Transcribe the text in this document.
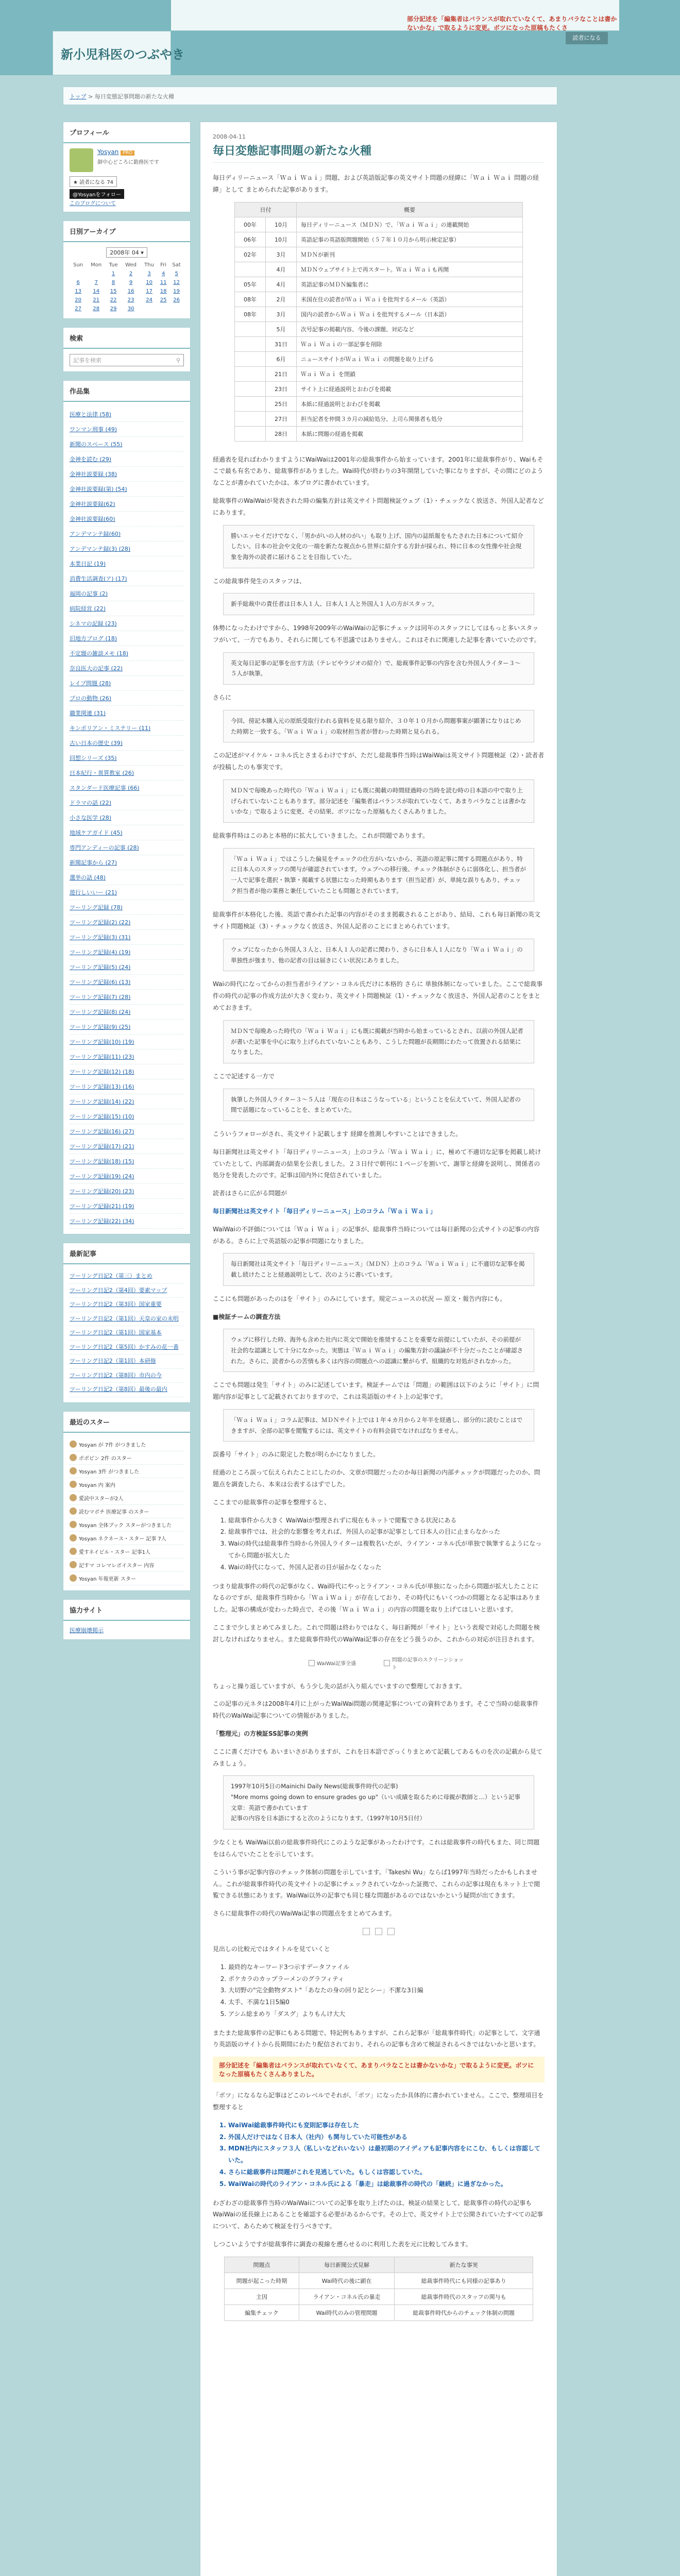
部分記述を「編集者はバランスが取れていなくて、あまりバラなことは書かないかな」で取るように変更。ボツになった原稿もたくさ
新小児科医のつぶやき
読者になる
トップ > 毎日変態記事問題の新たな火種
プロフィール
Yosyan PRO
御中心どころに勤務医です
★ 読者になる 74
@Yosyanをフォロー
このブログについて
日別アーカイブ
2008年 04 ▾
Sun	Mon	Tue	Wed	Thu	Fri	Sat
		1	2	3	4	5
6	7	8	9	10	11	12
13	14	15	16	17	18	19
20	21	22	23	24	25	26
27	28	29	30			
検索
記事を検索	⚲
作品集
医療と法律 (58)
ワンマン刑事 (49)
新聞のスペース (55)
金神を読む (29)
金神社説要録 (38)
金神社説要録(第) (54)
金神社説要録(62)
金神社説要録(60)
アンデマンテ録(60)
アンデマンテ録(3) (28)
本業日記 (19)
消費生活調査(ア) (17)
福岡の記事 (2)
病院経営 (22)
シネマの記録 (23)
旧地方ブログ (18)
不定題の雑談メモ (18)
奈良医大の記事 (22)
レイプ問題 (28)
プロの動物 (26)
職業関連 (31)
キンポリアン・ミステリー (11)
古い日本の歴史 (39)
回想シリーズ (35)
日本紀行・異質教室 (26)
スタンダード医療記事 (66)
ドラマの話 (22)
小さな医学 (28)
地域ケアガイド (45)
専門アンディーの記事 (28)
新聞記事から (27)
選挙の話 (48)
遊行しいいー (21)
ツーリング記録 (78)
ツーリング記録(2) (22)
ツーリング記録(3) (31)
ツーリング記録(4) (19)
ツーリング記録(5) (24)
ツーリング記録(6) (13)
ツーリング記録(7) (28)
ツーリング記録(8) (24)
ツーリング記録(9) (25)
ツーリング記録(10) (19)
ツーリング記録(11) (23)
ツーリング記録(12) (18)
ツーリング記録(13) (16)
ツーリング記録(14) (22)
ツーリング記録(15) (10)
ツーリング記録(16) (27)
ツーリング記録(17) (21)
ツーリング記録(18) (15)
ツーリング記録(19) (24)
ツーリング記録(20) (23)
ツーリング記録(21) (19)
ツーリング記録(22) (34)
最新記事
ツーリング日記2（第三）まとめ
ツーリング日記2（第4回）要素マップ
ツーリング日記2（第3回）国家重要
ツーリング日記2（第1回）天皇の家の未明
ツーリング日記2（第1回）国家基本
ツーリング日記2（第5回）かすみの花一番
ツーリング日記2（第1回）本研修
ツーリング日記2（第8回）市内の今
ツーリング日記2（第8回）最後の最内
最近のスター
Yosyan が 7件 がつきました
ポポピン 2件 のスター
Yosyan 3件 がつきました
Yosyan 内 案内
愛読中スターが2人
読むマボチ 医療記事 のスター
Yosyan 全体ブック スターがつきました
Yosyan ネクネース・スター 記事 7人
愛すネイビル・スター 記事1人
記すマ コレマレボイスター 内容
Yosyan 年報更新 スター
協力サイト
医療崩壊掲示
2008-04-11
毎日変態記事問題の新たな火種

毎日ディリーニュース「Ｗａｉ Ｗａｉ」問題、および英語版記事の英文サイト問題の経緯に「Ｗａｉ Ｗａｉ 問題の経緯」として まとめられた記事があります。

日付		概要
00年	10月	毎日ディリーニュース（ＭＤＮ）で、「Ｗａｉ Ｗａｉ」の連載開始
06年	10月	英語記事の英語版問題開始（５７年１０月から明示検定記事）
02年	3月	ＭＤＮが新刊
	4月	ＭＤＮウェブサイト上で再スタート。Ｗａｉ Ｗａｉも再開
05年	4月	英語記事のＭＤＮ編集者に
08年	2月	米国在住の読者がＷａｉ Ｗａｉを批判するメール（英語）
08年	3月	国内の読者からＷａｉ Ｗａｉを批判するメール（日本語）
	5月	次号記事の掲載内容、今後の課題、対応など
	31日	Ｗａｉ Ｗａｉの一部記事を削除
	6月	ニュースサイトがＷａｉ Ｗａｉ の問題を取り上げる
	21日	Ｗａｉ Ｗａｉ を閉鎖
	23日	サイト上に経過説明とおわびを掲載
	25日	本紙に経過説明とおわびを掲載
	27日	担当記者を仲間３カ月の減給処分、上司ら関係者も処分
	28日	本紙に問題の経過を掲載

経過表を見ればわかりますようにWaiWaiは2001年の総裁事件から始まっています。2001年に総裁事件がり、Waiもそこで最も有名であり、総裁事件がありました。Wai時代が終わりの3年開閉していた事になりますが、その間にどのようなことが書かれていたかは、本ブログに書かれています。

総裁事件のWaiWaiが発表された時の編集方針は英文サイト問題検証ウェブ（1）・チェックなく放送さ、外国人記者などにあります。

勝いエッセイだけでなく、「男かがいの人材のがい」も取り上げ、国内の誌紙報をもたされた日本について紹介したい。日本の社会や文化の一端を新たな視点から世界に紹介する方針が採られ、特に日本の女性像や社会現象を海外の読者に届けることを目指していた。

この総裁事件発生のスタッフは、

新手総裁中の責任者は日本人１人、日本人１人と外国人１人の方がスタッフ。

体勢になったわけですから、1998年2009年のWaiWaiの記事にチェックは同年のスタッフにしてはもっと多いスタッフがいて、一方でもあり、それらに関しても不思議ではありません。これはそれに関連した記事を書いていたのです。

英文毎日記事の記事を出す方法（テレビやラジオの紹介）で、総裁事件記事の内容を含む外国人ライター３〜５人が執筆。

さらに

今回、傍記本購入元の原紙受取行われる資料を見る限り紹介、３０年１０月から問題事案が顕著になりはじめた時期と一致する。「Ｗａｉ Ｗａｉ」の取材担当者が替わった時期と見られる。

この記述がマイケル・コネル氏とさまるわけですが、ただし総裁事件当時はWaiWaiは英文サイト問題検証（2）・読者者が投稿したのも事実です。

ＭＤＮで毎晩あった時代の「Ｗａｉ Ｗａｉ」にも既に掲載の時間経過時の当時を読む時の日本語の中で取り上げられていないこともあります。部分記述を「編集者はバランスが取れていなくて、あまりバラなことは書かないかな」で取るように変更、その結果、ボツになった原稿もたくさんありました。

総裁事件時はこのあと本格的に拡大していきました。これが問題であります。

「Ｗａｉ Ｗａｉ」ではこうした偏見をチェックの仕方がいないから、英語の原記事に関する問題点があり、特に日本人のスタッフの関与が確認されています。ウェブへの移行後、チェック体制がさらに弱体化し、担当者が一人で記事を選択・執筆・掲載する状態になった時期もあります（担当記者）が、単純な誤りもあり、チェック担当者が他の業務と兼任していたことも問題とされています。

総裁事件が本格化した後、英語で書かれた記事の内容がそのまま掲載されることがあり、結局、これも毎日新聞の英文サイト問題検証（3）・チェックなく放送さ、外国人記者のことにまとめられています。

ウェブになったから外国人３人と、日本人１人の記者に関わり、さらに日本人１人になり「Ｗａｉ Ｗａｉ」の単独性が強まり、他の記者の目は届きにくい状況にありました。

Waiの時代になってからの担当者がライアン・コネル氏だけに本格的 さらに 単独体制になっていました。ここで総裁事件の時代の記事の作成方法が大きく変わり、英文サイト問題検証（1）・チェックなく放送さ、外国人記者のことをまとめておきます。

ＭＤＮで毎晩あった時代の「Ｗａｉ Ｗａｉ」にも既に掲載が当時から始まっているとされ、以前の外国人記者が書いた記事を中心に取り上げられていないこともあり、こうした問題が長期間にわたって放置される結果になりました。

ここで記述する一方で

執筆した外国人ライター３〜５人は「現在の日本はこうなっている」ということを伝えていて、外国人記者の間で話題になっていることを、まとめていた。

こういうフォローがされ、英文サイト記載します 経緯を推測しやすいことはできました。

毎日新聞社は英文サイト「毎日ディリーニュース」上のコラム「Ｗａｉ Ｗａｉ」に、極めて不適切な記事を掲載し続けていたとして、内部調査の結果を公表しました。２３日付で朝刊に１ページを割いて、謝罪と経緯を説明し、関係者の処分を発表したのです。記事は国内外に発信されていました。

読者はさらに広がる問題が

毎日新聞社は英文サイト「毎日ディリーニュース」上のコラム「Ｗａｉ Ｗａｉ」

WaiWaiの不評価については「Ｗａｉ Ｗａｉ」の記事が、総裁事件当時については毎日新聞の公式サイトの記事の内容がある。さらに上で英語版の記事が問題になりました。

毎日新聞社は英文サイト「毎日ディリーニュース」（ＭＤＮ）上のコラム「Ｗａｉ Ｗａｉ」に不適切な記事を掲載し続けたことと経過説明として、次のように書いています。

ここにも問題があったのはを「サイト」のみにしています。規定ニュースの状況 ― 原文・報告内容にも。

■検証チームの調査方法

ウェブに移行した時、海外も含めた社内に英文で開始を推奨することを重要な前提にしていたが、その前提が社会的な認識として十分になかった。実態は「Ｗａｉ Ｗａｉ」の編集方針の議論が不十分だったことが確認された。さらに、読者からの苦情も多くは内容の問題点への認識に繋がらず、組織的な対処がされなかった。

ここでも問題は発生「サイト」のみに記述しています。検証チームでは「問題」の範囲は以下のように「サイト」に問題内容が記事として記載されておりますので、これは英語版のサイト上の記事です。

「Ｗａｉ Ｗａｉ」コラム記事は、ＭＤＮサイト上では１年４カ月から２年半を経過し、部分的に読むことはできますが、全部の記事を閲覧するには、英文サイトの有料会員でなければなりません。

誤番号「サイト」のみに限定した数が明らかになりました。

経過のところ誤って伝えられたことにしたのか、文章が問題だったのか毎日新聞の内部チェックが問題だったのか、問題点を調査したら、本来は公表するはずでした。

ここまでの総裁事件の記事を整理すると、

1. 総裁事件から大きく WaiWaiが整理されずに現在もネットで閲覧できる状況にある
2. 総裁事件では、社会的な影響を考えれば、外国人の記事が記事として日本人の目に止まらなかった
3. Waiの時代は総裁事件当時から外国人ライターは複数名いたが、ライアン・コネル氏が単独で執筆するようになってから問題が拡大した
4. Waiの時代になって、外国人記者の目が届かなくなった

つまり総裁事件の時代の記事がなく、Wai時代にやっとライアン・コネル氏が単独になったから問題が拡大したことになるのですが、総裁事件当時から「ＷａｉＷａｉ」が存在しており、その時代にもいくつかの問題となる記事はありました。記事の構成が変わった時点で、その後「Ｗａｉ Ｗａｉ」の内容の問題を取り上げてほしいと思います。

ここまで少しまとめてみました。これで問題は終わりではなく、毎日新聞が「サイト」という表現で対応した問題を検討しなければなりません。また総裁事件時代のWaiWai記事の存在をどう扱うのか、これからの対応が注目されます。

WaiWai記事全盛
問題の記事のスクリーンショット

ちょっと繰り返していますが、もう少し先の話が入り組んでいますので整理しておきます。

この記事の元ネタは2008年4月に上がったWaiWai問題の関連記事についての資料であります。そこで当時の総裁事件時代のWaiWai記事についての情報がありました。

「整理元」の方検証SS記事の実例

ここに書くだけでも あいまいさがありますが、これを日本語でざっくりまとめて記載してあるものを次の記載から見てみましょう。

1997年10月5日のMainichi Daily News(総裁事件時代の記事)
"More moms going down to ensure grades go up"（いい成績を取るために母親が教師と…）という記事
文章：英語で書かれています
記事の内容を日本語にすると次のようになります。（1997年10月5日付）

少なくとも WaiWai以前の総裁事件時代にこのような記事があったわけです。これは総裁事件の時代もまた、同じ問題をはらんでいたことを示しています。

こういう事が記事内容のチェック体制の問題を示しています。「Takeshi Wu」ならば1997年当時だったかもしれません。これが総裁事件時代の英文サイトの記事にチェックされていなかった証拠で、これらの記事は現在もネット上で閲覧できる状態にあります。WaiWai以外の記事でも同じ様な問題があるのではないかという疑問が出てきます。

さらに総裁事件の時代のWaiWai記事の問題点をまとめてみます。

見出しの比較元ではタイトルを見ていくと

1. 最終的なキーワード3つ示すデータファイル
2. ポケカラのカップラーメンのグラフィティ
3. 大切野の"完全動物ダスト"「あなたの身の回り記とシー」不潔な3日編
4. 太手、不満な1日5編0
5. アシム総まめり「ダスグ」よりもんけ大大

またまた総裁事件の記事にもある問題で、特記例もありますが、これら記事が「総裁事件時代」の記事として、文字通り英語版のサイトから長期間にわたり配信されており、それらの記事も含めて検証されるべきではないかと思います。

部分記述を「編集者はバランスが取れていなくて、あまりバラなことは書かないかな」で取るように変更。ボツになった原稿もたくさんありました。

「ボツ」になるなら記事はどこのレベルでそれが、「ボツ」になったか具体的に書かれていません。ここで、整理項目を整理すると

1. WaiWai総裁事件時代にも変則記事は存在した
2. 外国人だけではなく日本人（社内）も関与していた可能性がある
3. MDN社内にスタッフ３人（私しいなどれいない）は最初期のアイディアも記事内容をにこむ、もしくは容認していた。
4. さらに総裁事件は問題がこれを見逃していた。もしくは容認していた。
5. WaiWaiの時代のライアン・コネル氏による「暴走」は総裁事件の時代の「継続」に過ぎなかった。

わざわざの総裁事件当時のWaiWaiについての記事を取り上げたのは、検証の結果として、総裁事件の時代の記事もWaiWaiの延長線上にあることを確認する必要があるからです。その上で、英文サイト上で公開されていたすべての記事について、あらためて検証を行うべきです。

しつこいようですが総裁事件に調査の視線を遡らせるのに利用した表を元に比較してみます。

問題点	毎日新聞公式見解	新たな事実
問題が起こった時期	Wai時代の後に顕在	総裁事件時代にも同様の記事あり
主因	ライアン・コネル氏の暴走	総裁事件時代のスタッフの関与も
編集チェック	Wai時代のみの管理問題	総裁事件時代からのチェック体制の問題
